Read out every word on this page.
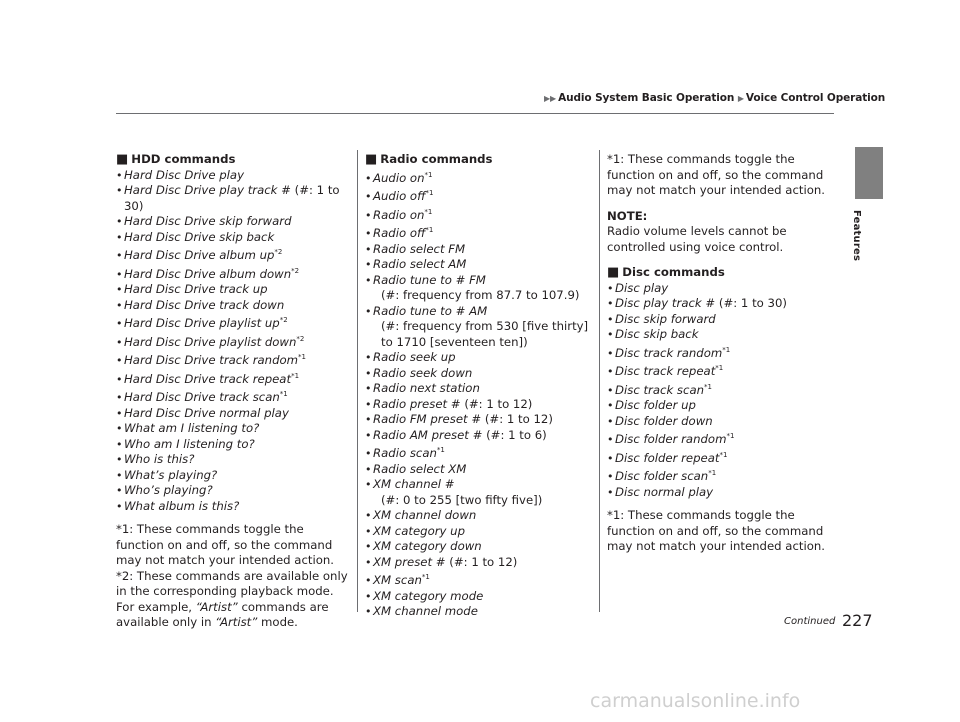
▶▶ Audio System Basic Operation ▶ Voice Control Operation
Features
■ HDD commands
• Hard Disc Drive play
• Hard Disc Drive play track # (#: 1 to 30)
• Hard Disc Drive skip forward
• Hard Disc Drive skip back
• Hard Disc Drive album $up^{*2}$
• Hard Disc Drive album down$^{*2}$
• Hard Disc Drive track up
• Hard Disc Drive track down
• Hard Disc Drive playlist $up^{*2}$
• Hard Disc Drive playlist down$^{*2}$
• Hard Disc Drive track random$^{*1}$
• Hard Disc Drive track repeat$^{*1}$
• Hard Disc Drive track scan$^{*1}$
• Hard Disc Drive normal play
• What am I listening to?
• Who am I listening to?
• Who is this?
• What’s playing?
• Who’s playing?
• What album is this?

*1: These commands toggle the function on and off, so the command may not match your intended action.

*2: These commands are available only in the corresponding playback mode.

For example, “Artist” commands are available only in “Artist” mode.

■ Radio commands
• Audio $on^{*1}$
• Audio off$^{*1}$
• Radio $on^{*1}$
• Radio off$^{*1}$
• Radio select FM
• Radio select AM
• Radio tune to # FM
(#: frequency from 87.7 to 107.9)
• Radio tune to # AM
(#: frequency from 530 [five thirty] to 1710 [seventeen ten])
• Radio seek up
• Radio seek down
• Radio next station
• Radio preset # (#: 1 to 12)
• Radio FM preset # (#: 1 to 12)
• Radio AM preset # (#: 1 to 6)
• Radio scan$^{*1}$
• Radio select XM
• XM channel #
(#: 0 to 255 [two fifty five])
• XM channel down
• XM category up
• XM category down
• XM preset # (#: 1 to 12)
• XM scan$^{*1}$
• XM category mode
• XM channel mode

*1: These commands toggle the function on and off, so the command may not match your intended action.

NOTE:

Radio volume levels cannot be controlled using voice control.

■ Disc commands
• Disc play
• Disc play track # (#: 1 to 30)
• Disc skip forward
• Disc skip back
• Disc track random$^{*1}$
• Disc track repeat$^{*1}$
• Disc track scan$^{*1}$
• Disc folder up
• Disc folder down
• Disc folder random$^{*1}$
• Disc folder repeat$^{*1}$
• Disc folder scan$^{*1}$
• Disc normal play

*1: These commands toggle the function on and off, so the command may not match your intended action.

Continued 227
carmanualsonline.info
